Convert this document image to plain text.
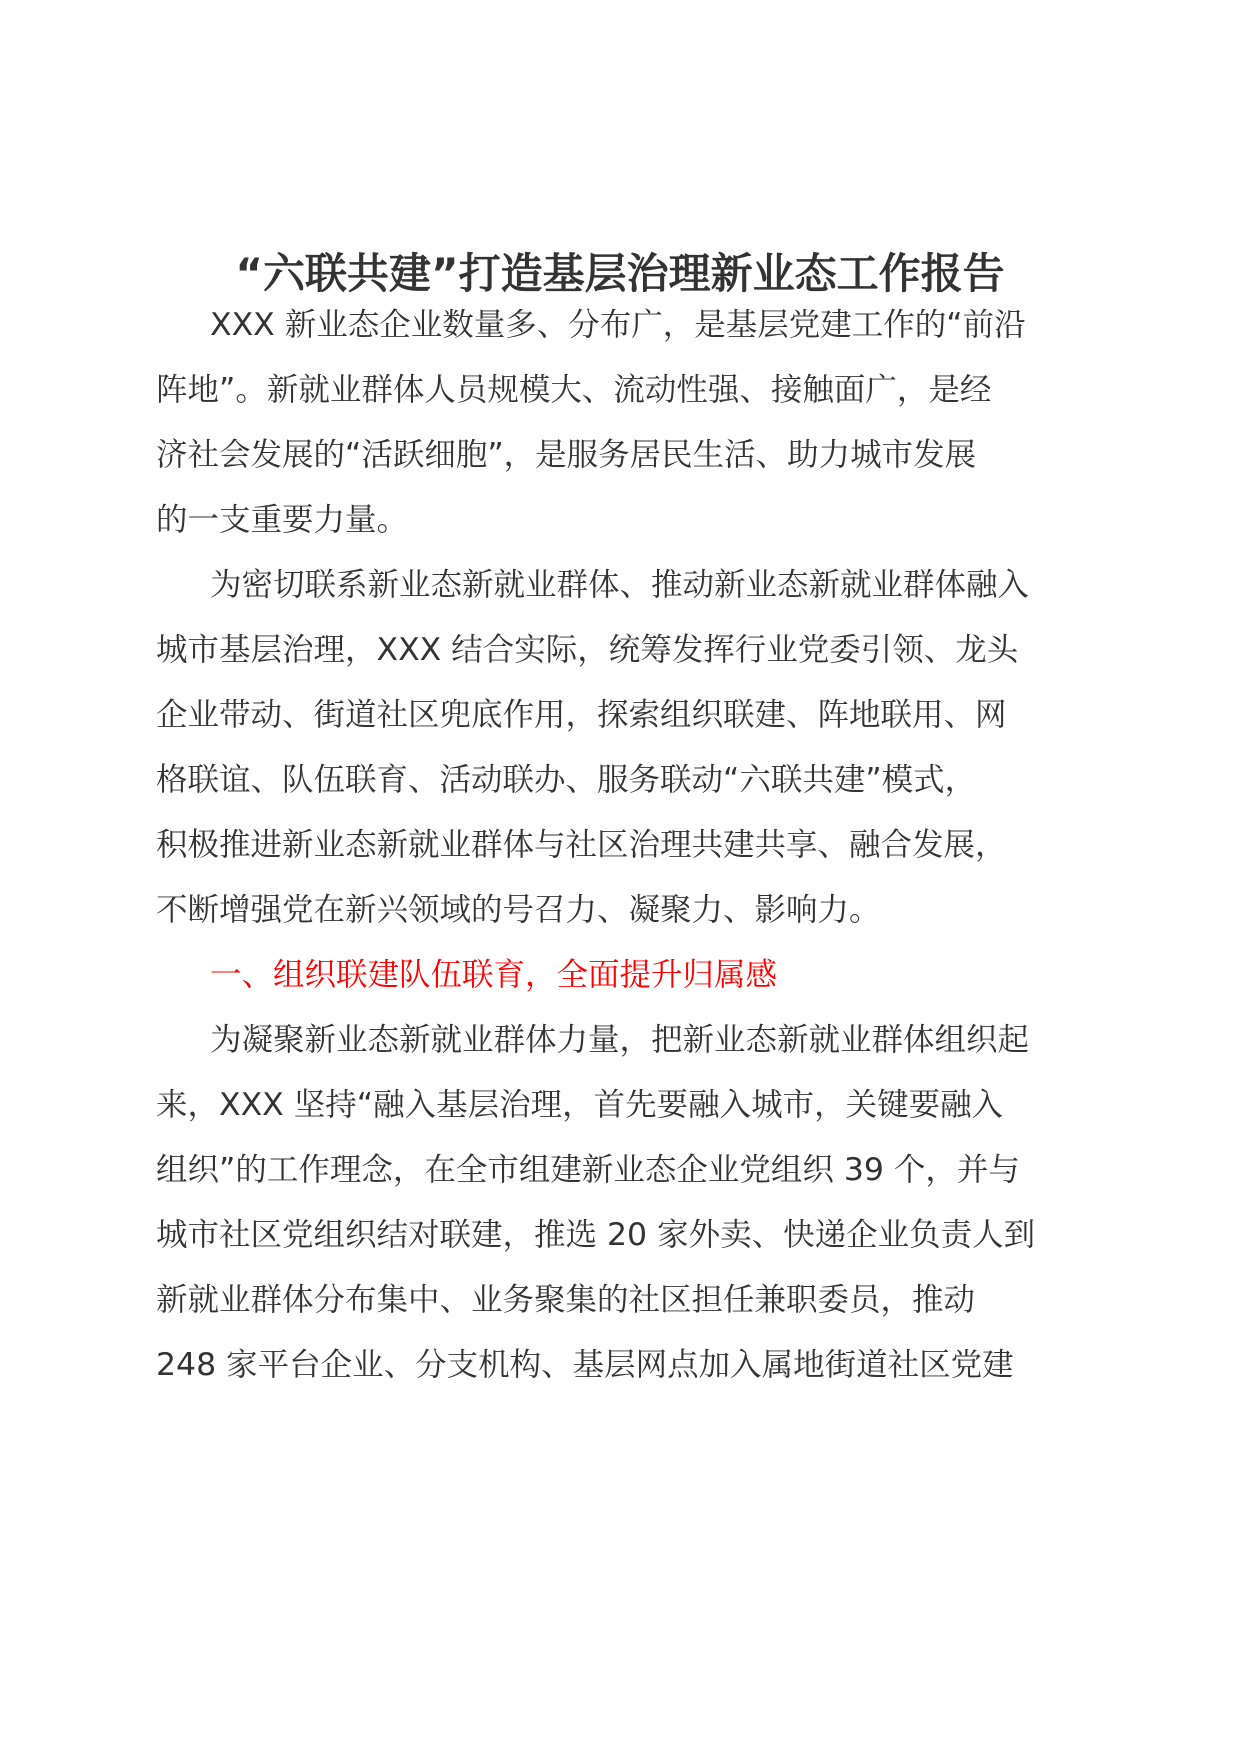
“六联共建”打造基层治理新业态工作报告
XXX 新业态企业数量多、分布广，是基层党建工作的“前沿
阵地”。新就业群体人员规模大、流动性强、接触面广，是经
济社会发展的“活跃细胞”，是服务居民生活、助力城市发展
的一支重要力量。
为密切联系新业态新就业群体、推动新业态新就业群体融入
城市基层治理，XXX 结合实际，统筹发挥行业党委引领、龙头
企业带动、街道社区兜底作用，探索组织联建、阵地联用、网
格联谊、队伍联育、活动联办、服务联动“六联共建”模式，
积极推进新业态新就业群体与社区治理共建共享、融合发展，
不断增强党在新兴领域的号召力、凝聚力、影响力。
一、组织联建队伍联育，全面提升归属感
为凝聚新业态新就业群体力量，把新业态新就业群体组织起
来，XXX 坚持“融入基层治理，首先要融入城市，关键要融入
组织”的工作理念，在全市组建新业态企业党组织 39 个，并与
城市社区党组织结对联建，推选 20 家外卖、快递企业负责人到
新就业群体分布集中、业务聚集的社区担任兼职委员，推动
248 家平台企业、分支机构、基层网点加入属地街道社区党建
